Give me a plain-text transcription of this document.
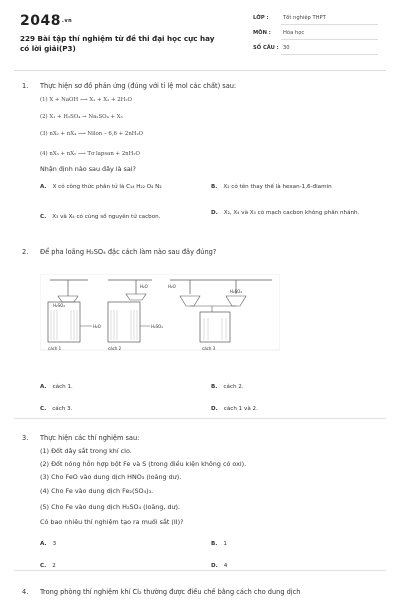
2048.vn
229 Bài tập thí nghiệm từ đề thi đại học cực hay có lời giải(P3)
LỚP :	Tốt nghiệp THPT
MÔN : Hóa học
SỐ CÂU : 30
1. Thực hiện sơ đồ phản ứng (đúng với tỉ lệ mol các chất) sau:
(1) X + NaOH ⟶ X₁ + X₂ + 2H₂O
(2) X₁ + H₂SO₄ → Na₂SO₄ + X₃
(3) nX₂ + nX₄ ⟶ Nilon – 6,6 + 2nH₂O
(4) nX₃ + nX₅ ⟶ Tơ lapsan + 2nH₂O
Nhận định nào sau đây là sai?
A. X có công thức phân tử là C₁₄ H₂₂ O₄ N₂	B. X₂ có tên thay thế là hexan-1,6-điamin
C. X₃ và X₄ có cùng số nguyên tử cacbon.
D. X₂, X₄ và X₅ có mạch cacbon không phân nhánh.
2. Để pha loãng H₂SO₄ đặc cách làm nào sau đây đúng?
H₂SO₄
H₂O
cách 1
H₂O
H₂SO₄
cách 2
H₂O
H₂SO₄
cách 3
A. cách 1.	B. cách 2.
C. cách 3.	D. cách 1 và 2.
3. Thực hiện các thí nghiệm sau:
(1) Đốt dây sắt trong khí clo.
(2) Đốt nóng hỗn hợp bột Fe và S (trong điều kiện không có oxi).
(3) Cho FeO vào dung dịch HNO₃ (loãng dư).
(4) Cho Fe vào dung dịch Fe₂(SO₄)₃.
(5) Cho Fe vào dung dịch H₂SO₄ (loãng, dư).
Có bao nhiêu thí nghiệm tạo ra muối sắt (II)?
A. 3	B. 1
C. 2	D. 4
4. Trong phòng thí nghiệm khí Cl₂ thường được điều chế bằng cách cho dung dịch
